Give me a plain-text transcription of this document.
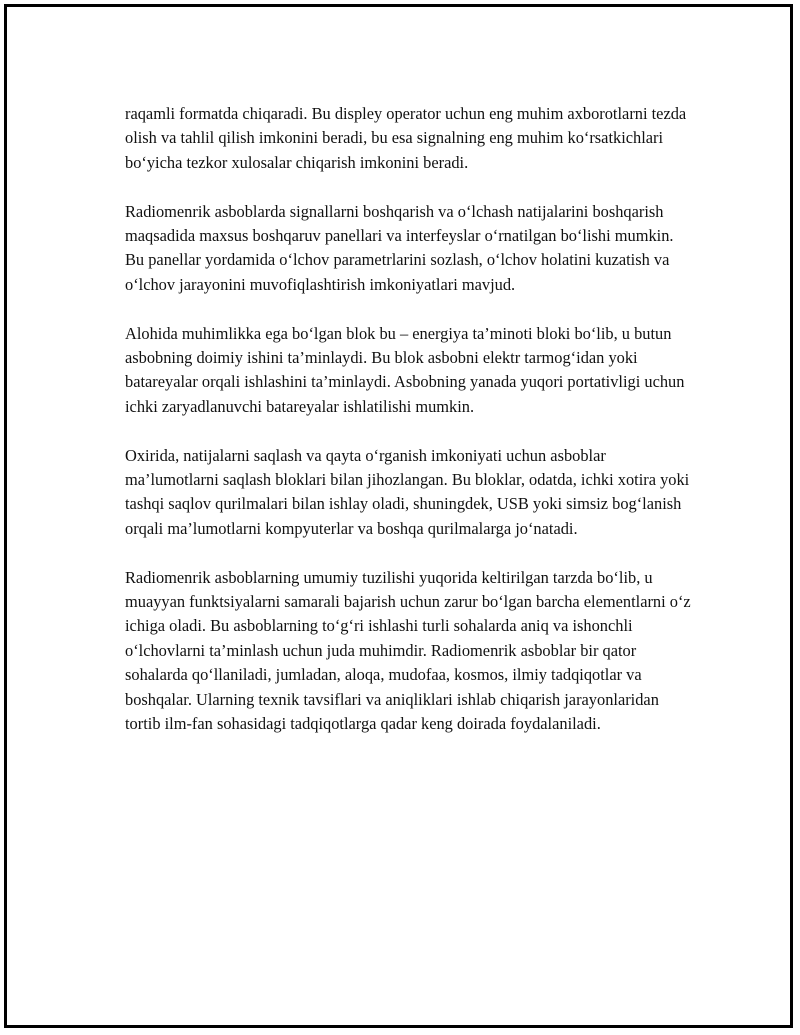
raqamli formatda chiqaradi. Bu displey operator uchun eng muhim axborotlarni tezda olish va tahlil qilish imkonini beradi, bu esa signalning eng muhim ko‘rsatkichlari bo‘yicha tezkor xulosalar chiqarish imkonini beradi.

Radiomenrik asboblarda signallarni boshqarish va o‘lchash natijalarini boshqarish maqsadida maxsus boshqaruv panellari va interfeyslar o‘rnatilgan bo‘lishi mumkin. Bu panellar yordamida o‘lchov parametrlarini sozlash, o‘lchov holatini kuzatish va o‘lchov jarayonini muvofiqlashtirish imkoniyatlari mavjud.

Alohida muhimlikka ega bo‘lgan blok bu – energiya ta’minoti bloki bo‘lib, u butun asbobning doimiy ishini ta’minlaydi. Bu blok asbobni elektr tarmog‘idan yoki batareyalar orqali ishlashini ta’minlaydi. Asbobning yanada yuqori portativligi uchun ichki zaryadlanuvchi batareyalar ishlatilishi mumkin.

Oxirida, natijalarni saqlash va qayta o‘rganish imkoniyati uchun asboblar ma’lumotlarni saqlash bloklari bilan jihozlangan. Bu bloklar, odatda, ichki xotira yoki tashqi saqlov qurilmalari bilan ishlay oladi, shuningdek, USB yoki simsiz bog‘lanish orqali ma’lumotlarni kompyuterlar va boshqa qurilmalarga jo‘natadi.

Radiomenrik asboblarning umumiy tuzilishi yuqorida keltirilgan tarzda bo‘lib, u muayyan funktsiyalarni samarali bajarish uchun zarur bo‘lgan barcha elementlarni o‘z ichiga oladi. Bu asboblarning to‘g‘ri ishlashi turli sohalarda aniq va ishonchli o‘lchovlarni ta’minlash uchun juda muhimdir. Radiomenrik asboblar bir qator sohalarda qo‘llaniladi, jumladan, aloqa, mudofaa, kosmos, ilmiy tadqiqotlar va boshqalar. Ularning texnik tavsiflari va aniqliklari ishlab chiqarish jarayonlaridan tortib ilm-fan sohasidagi tadqiqotlarga qadar keng doirada foydalaniladi.
